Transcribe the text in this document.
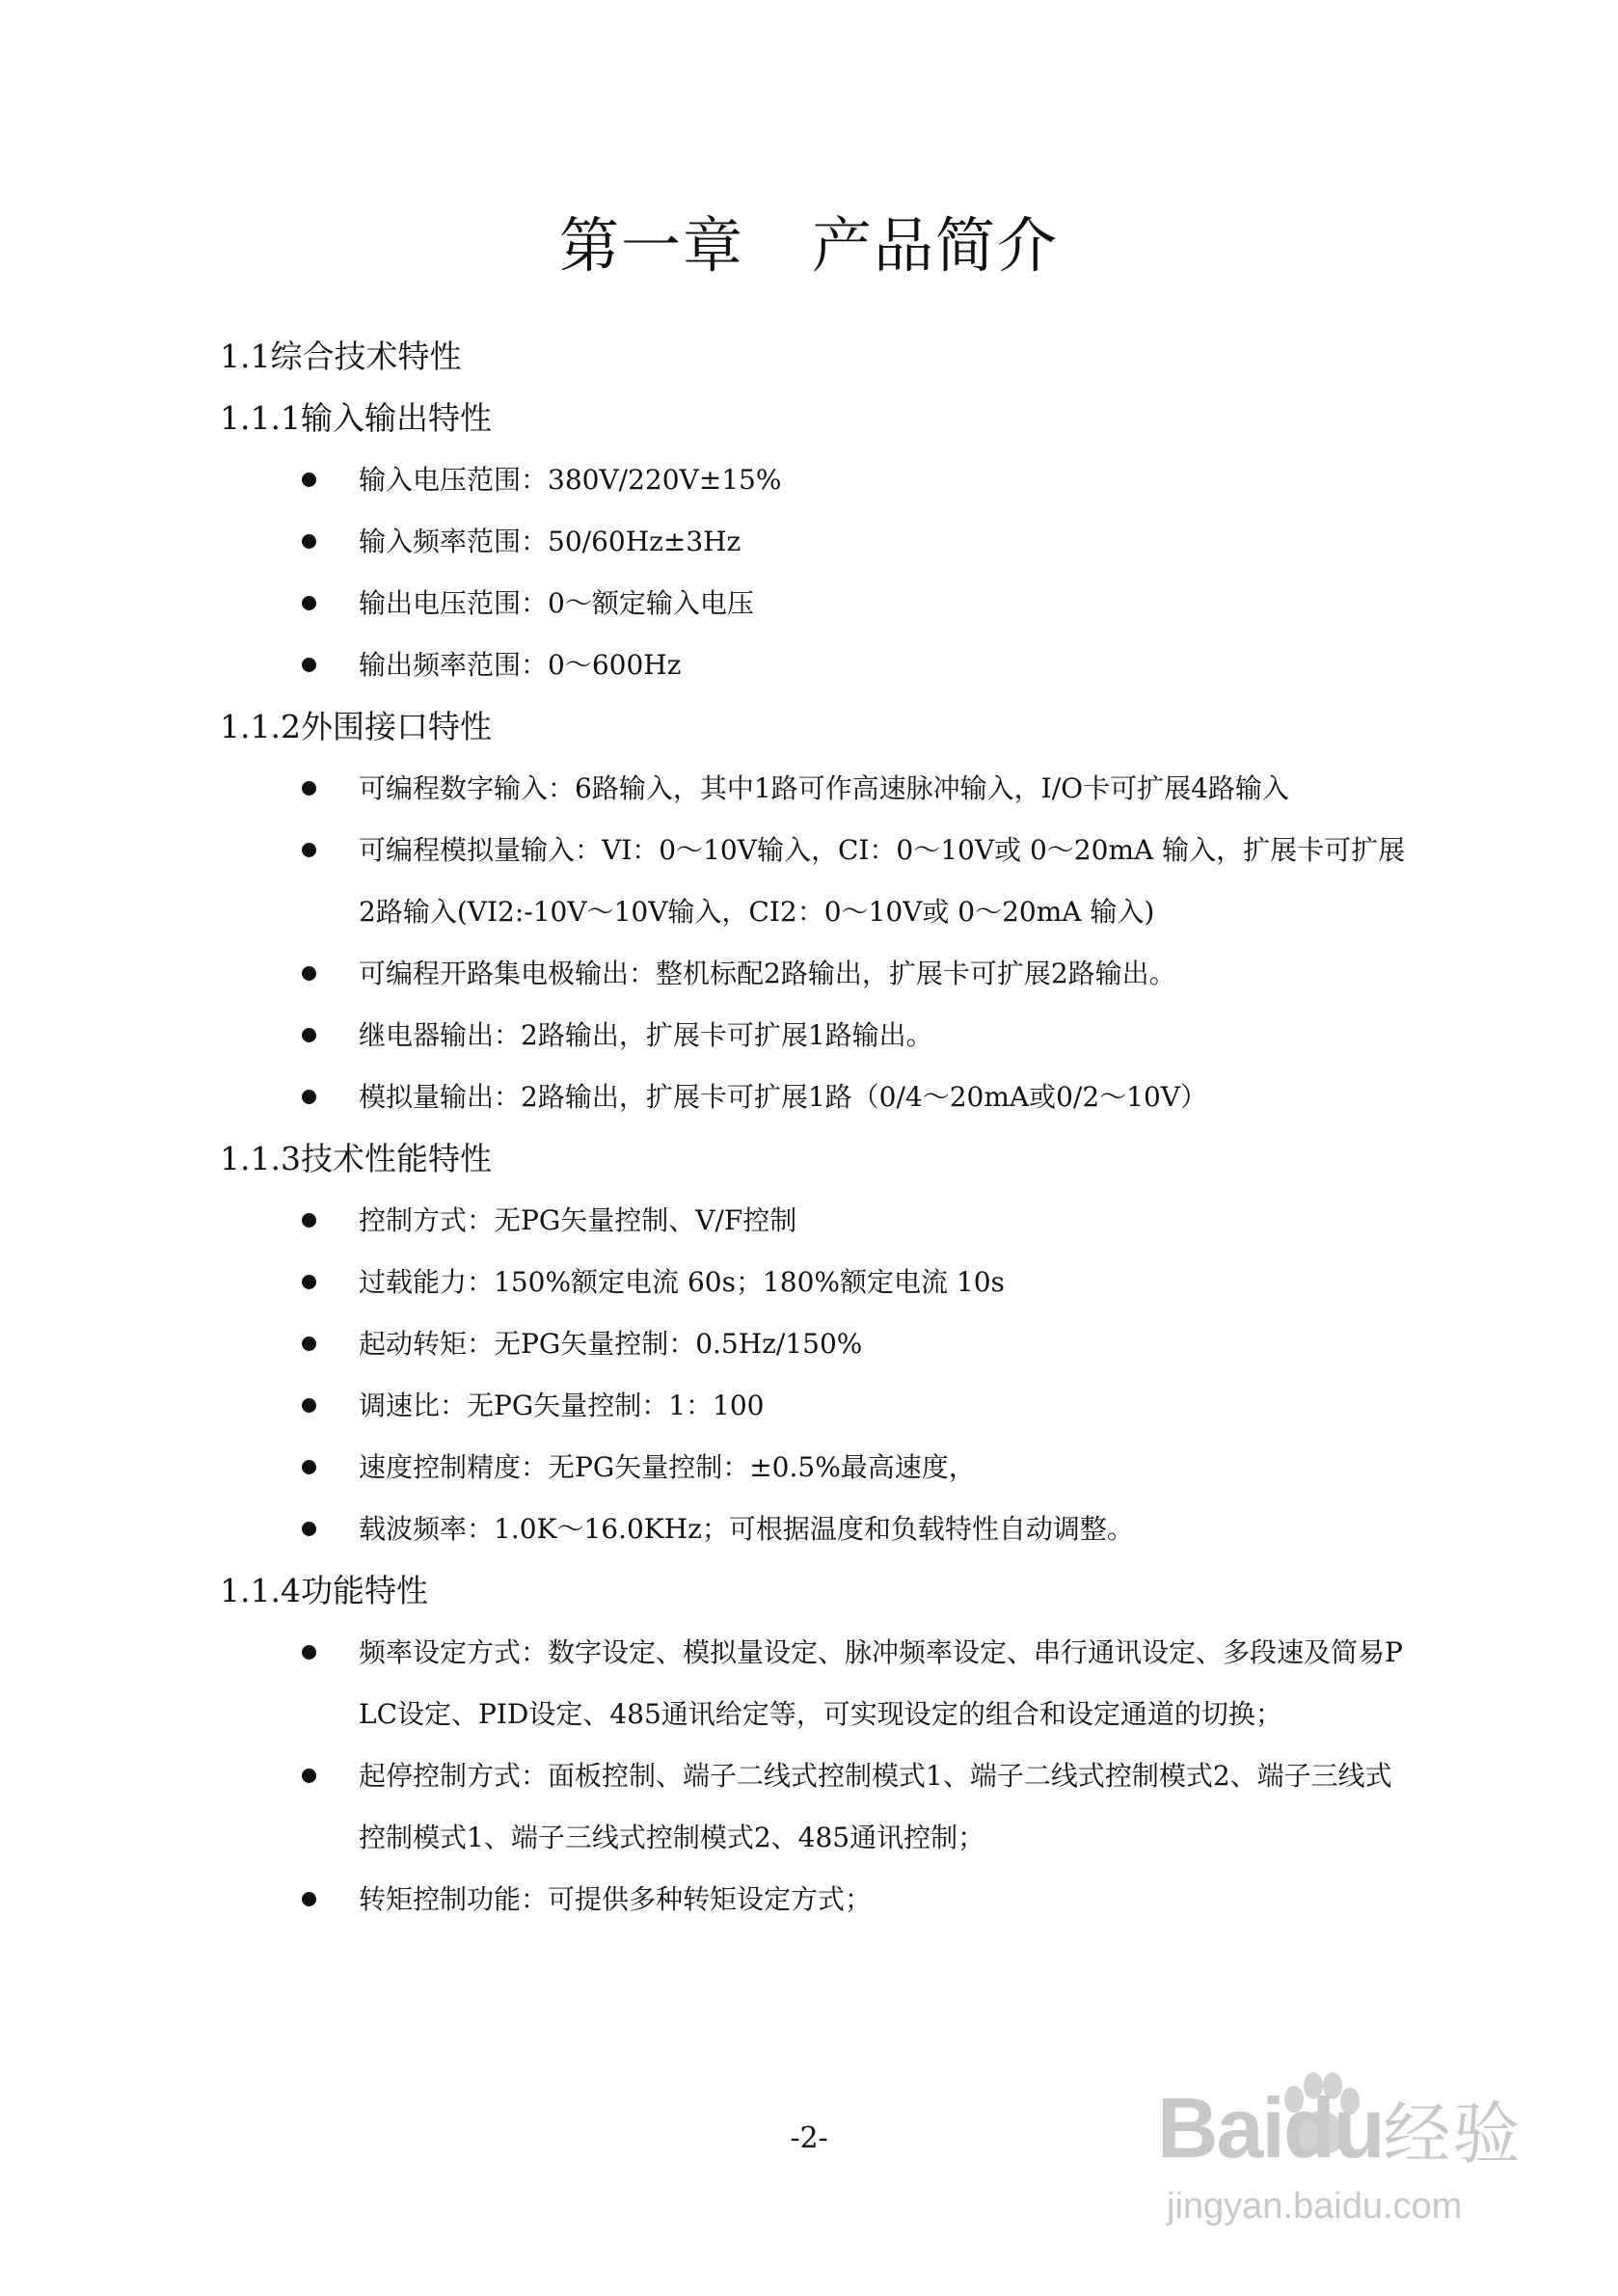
第一章 产品简介
1.1综合技术特性
1.1.1输入输出特性
输入电压范围：380V/220V±15%
输入频率范围：50/60Hz±3Hz
输出电压范围：0～额定输入电压
输出频率范围：0～600Hz
1.1.2外围接口特性
可编程数字输入：6路输入，其中1路可作高速脉冲输入，I/O卡可扩展4路输入
可编程模拟量输入：VI：0～10V输入，CI：0～10V或 0～20mA 输入，扩展卡可扩展2路输入(VI2:-10V～10V输入，CI2：0～10V或 0～20mA 输入)
可编程开路集电极输出：整机标配2路输出，扩展卡可扩展2路输出。
继电器输出：2路输出，扩展卡可扩展1路输出。
模拟量输出：2路输出，扩展卡可扩展1路（0/4～20mA或0/2～10V）
1.1.3技术性能特性
控制方式：无PG矢量控制、V/F控制
过载能力：150%额定电流 60s；180%额定电流 10s
起动转矩：无PG矢量控制：0.5Hz/150%
调速比：无PG矢量控制：1：100
速度控制精度：无PG矢量控制：±0.5%最高速度，
载波频率：1.0K～16.0KHz；可根据温度和负载特性自动调整。
1.1.4功能特性
频率设定方式：数字设定、模拟量设定、脉冲频率设定、串行通讯设定、多段速及简易PLC设定、PID设定、485通讯给定等，可实现设定的组合和设定通道的切换；
起停控制方式：面板控制、端子二线式控制模式1、端子二线式控制模式2、端子三线式控制模式1、端子三线式控制模式2、485通讯控制；
转矩控制功能：可提供多种转矩设定方式；
-2-	Baidu经验
jingyan.baidu.com
